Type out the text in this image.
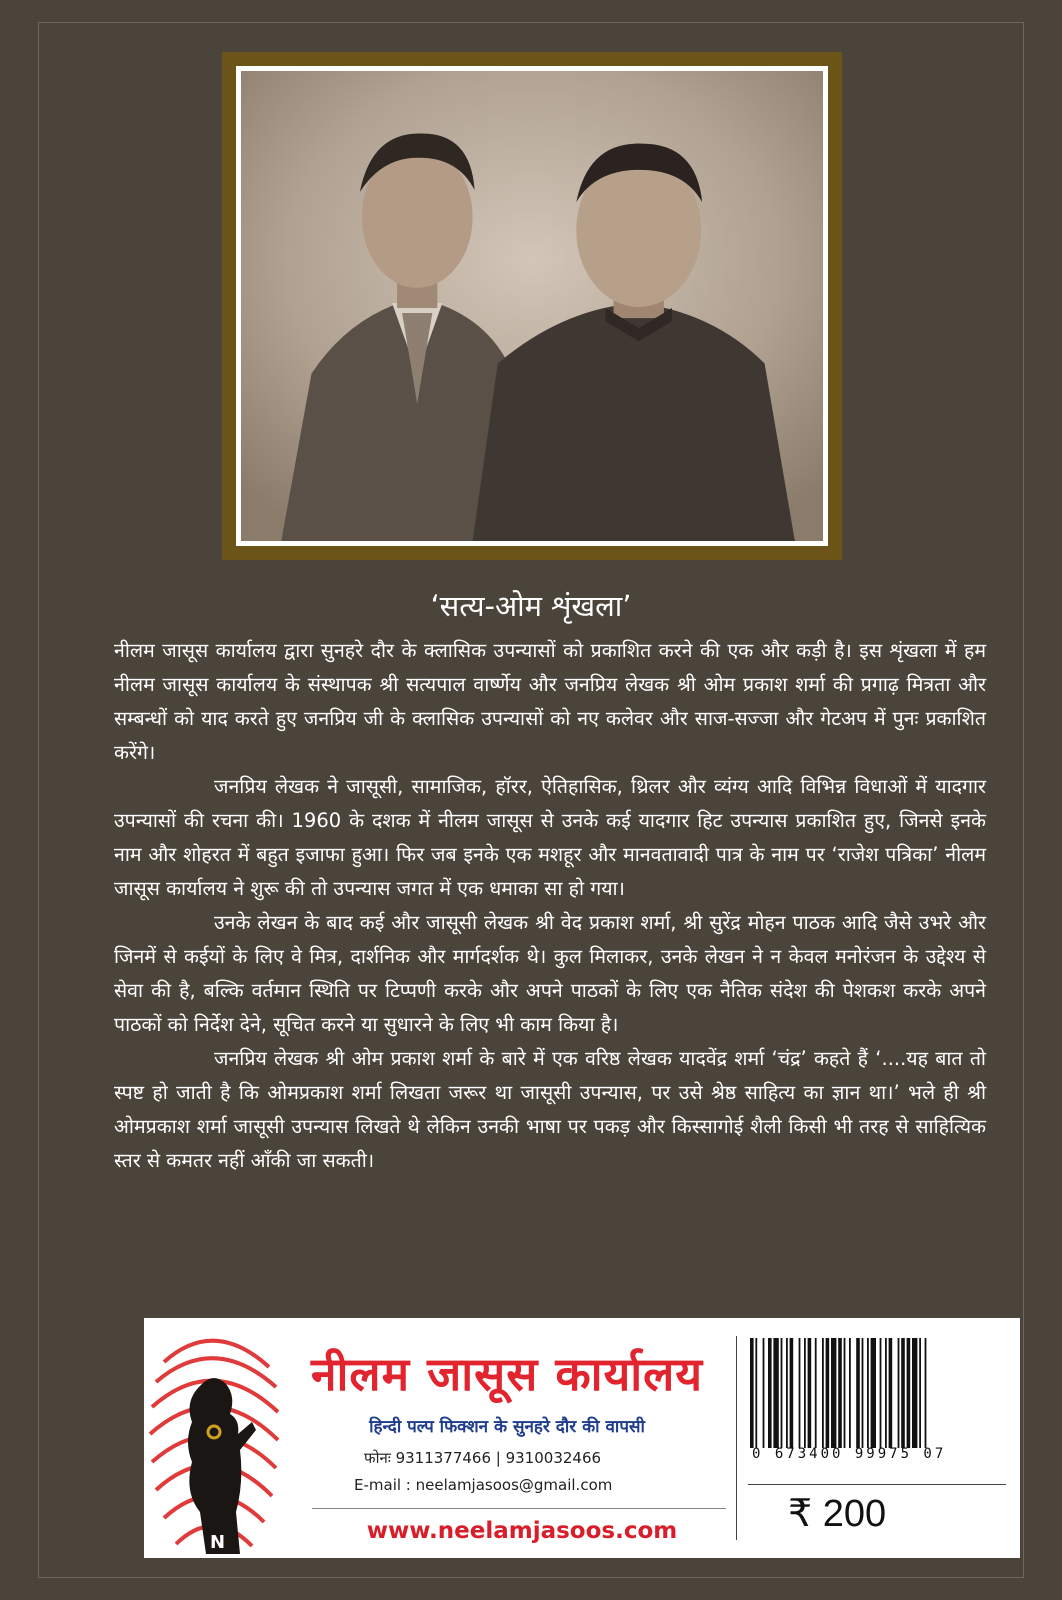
‘सत्य-ओम शृंखला’

नीलम जासूस कार्यालय द्वारा सुनहरे दौर के क्लासिक उपन्यासों को प्रकाशित करने की एक और कड़ी है। इस शृंखला में हम नीलम जासूस कार्यालय के संस्थापक श्री सत्यपाल वार्ष्णेय और जनप्रिय लेखक श्री ओम प्रकाश शर्मा की प्रगाढ़ मित्रता और सम्बन्धों को याद करते हुए जनप्रिय जी के क्लासिक उपन्यासों को नए कलेवर और साज-सज्जा और गेटअप में पुनः प्रकाशित करेंगे।

जनप्रिय लेखक ने जासूसी, सामाजिक, हॉरर, ऐतिहासिक, थ्रिलर और व्यंग्य आदि विभिन्न विधाओं में यादगार उपन्यासों की रचना की। 1960 के दशक में नीलम जासूस से उनके कई यादगार हिट उपन्यास प्रकाशित हुए, जिनसे इनके नाम और शोहरत में बहुत इजाफा हुआ। फिर जब इनके एक मशहूर और मानवतावादी पात्र के नाम पर ‘राजेश पत्रिका’ नीलम जासूस कार्यालय ने शुरू की तो उपन्यास जगत में एक धमाका सा हो गया।

उनके लेखन के बाद कई और जासूसी लेखक श्री वेद प्रकाश शर्मा, श्री सुरेंद्र मोहन पाठक आदि जैसे उभरे और जिनमें से कईयों के लिए वे मित्र, दार्शनिक और मार्गदर्शक थे। कुल मिलाकर, उनके लेखन ने न केवल मनोरंजन के उद्देश्य से सेवा की है, बल्कि वर्तमान स्थिति पर टिप्पणी करके और अपने पाठकों के लिए एक नैतिक संदेश की पेशकश करके अपने पाठकों को निर्देश देने, सूचित करने या सुधारने के लिए भी काम किया है।

जनप्रिय लेखक श्री ओम प्रकाश शर्मा के बारे में एक वरिष्ठ लेखक यादवेंद्र शर्मा ‘चंद्र’ कहते हैं ‘....यह बात तो स्पष्ट हो जाती है कि ओमप्रकाश शर्मा लिखता जरूर था जासूसी उपन्यास, पर उसे श्रेष्ठ साहित्य का ज्ञान था।’ भले ही श्री ओमप्रकाश शर्मा जासूसी उपन्यास लिखते थे लेकिन उनकी भाषा पर पकड़ और किस्सागोई शैली किसी भी तरह से साहित्यिक स्तर से कमतर नहीं आँकी जा सकती।

N
नीलम जासूस कार्यालय
हिन्दी पल्प फिक्शन के सुनहरे दौर की वापसी
फोनः 9311377466 | 9310032466
E-mail : neelamjasoos@gmail.com
www.neelamjasoos.com
0 673400 99975 07
₹ 200
